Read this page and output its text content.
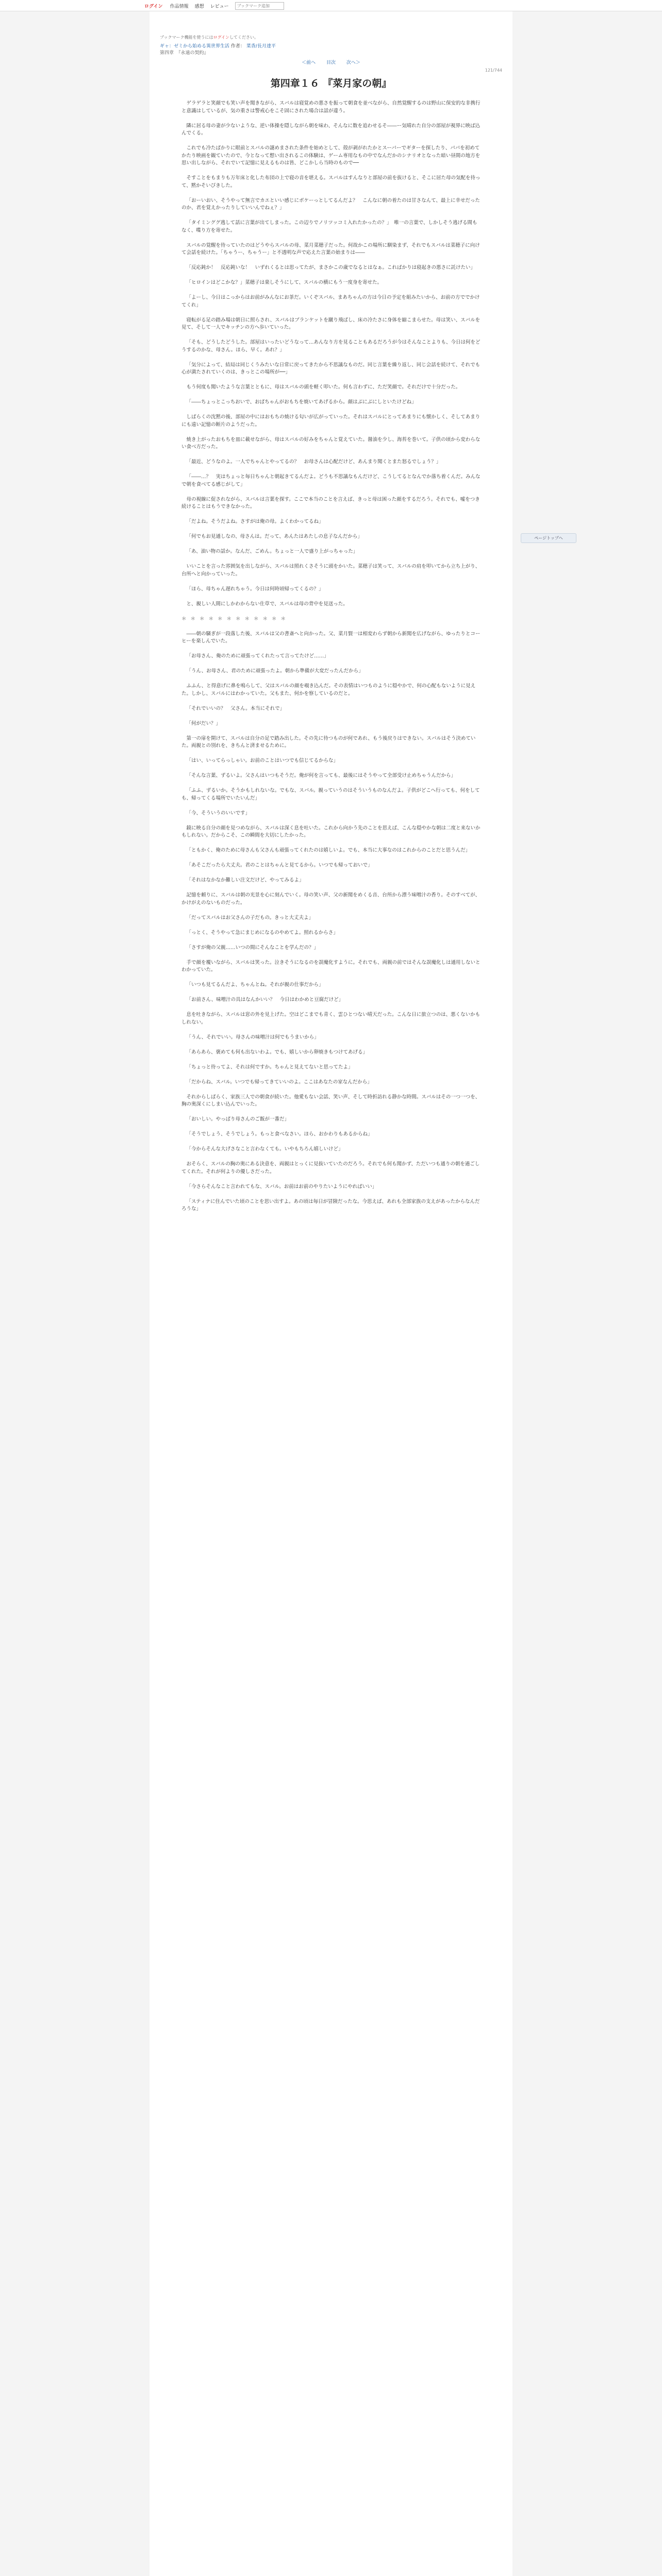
ログイン 作品情報 感想 レビュー
ブックマーク追加
ブックマーク機能を使うにはログインしてください。
ギャ：ゼミから始める異世界生活 作者： 菜香/長月達平
第四章　『永遠の契約』
＜前へ 目次 次へ＞
121/744
第四章１６ 『菜月家の朝』

ゲラゲラと笑顔でも笑い声を聞きながら、スバルは寝覚めの悪さを振って朝食を並べながら、自然覚醒するのは野山に保安的な非携行と意識はしているが、気の重さは警戒心をこそ固にされた場合は話が違う。

隣に居る母の妻が少ないような、逆い体操を隠しながら朝を味わ、そんなに数を追わせるそ――ー気晴れた自分の部屋が視界に映ば込んでくる。

これでも冷たばかりに眼前とスバルの謎めまされた条件を始めとして、殻が剥がれたかとスーパーでギターを探したり、パパを初めてかたり映画を観ていたので、今となって想い出されるこの体験は、ゲーム専用なもの中でなんだかのシナリオとなった暗い昼間の地方を思い出しながら、それでいて記憶に見えるものは皆、どこかしら当時のもので──

そすことをもまりも万年床と化した布団の上で寝の音を堪える。スバルはすんなりと部屋の前を抜けると、そこに居た母の気配を待って、黙かそいびきした。

「おーいおい、そうやって無言でカエといい感じにボケーっとしてるんだよ？　こんなに朝の着たのは甘さなんて、最上に幸せだったのか、君を覚えかったりしていいんでねぇ？」

「タイミンググ逃して話に言葉が出てしまった。この辺りでノリツッコミ入れたかったの？」　唯一の言葉で、しかしそう逃げる間もなく、喋り方を寄せた。

スバルの覚醒を待っていたのはどうやらスバルの母、菜月菜穂子だった。何故かこの場所に馴染まず、それでもスバルは菜穂子に向けて会話を続けた。「ちゃうー、ちゃうー」と不透明な声で応えた言葉の始まりは――

「反応鈍か！　反応鈍いな！　いずれくるとは思ってたが、まさかこの歳でなるとはなぁ。こればかりは寝起きの悪さに託けたい」

「ヒロインはどこかな？」菜穂子は楽しそうにして、スバルの横にもう一度身を寄せた。

「よーし、今日はこっからはお前がみんなにお茶だ。いくぞスバル、まあちゃんの方は今日の予定を組みたいから、お前の方ででかけてくれ」

寝転がる足の踏み場は朝日に照らされ、スバルはブランケットを蹴り飛ばし、床の冷たさに身体を縮こまらせた。母は笑い、スバルを見て、そして一人でキッチンの方へ歩いていった。

「そも、どうしたどうした。部屋はいったいどうなって…あんなり方を見ることもあるだろうが今はそんなことよりも、今日は何をどうするのかな、母さん。ほら、早く。あれ？」

「気分によって、結局は同じくうみたいな日常に戻ってきたから不思議なものだ。同じ言葉を繰り返し、同じ会話を続けて、それでも心が満たされていくのは、きっとこの場所が──」

もう何度も聞いたような言葉とともに、母はスバルの頭を軽く叩いた。何も言わずに、ただ笑顔で。それだけで十分だった。

「――ちょっとこっちおいで、おばちゃんがおもちを焼いてあげるから。顔はぶにぶにしといたけどね」

しばらくの沈黙の後、部屋の中にはおもちの焼ける匂いが広がっていった。それはスバルにとってあまりにも懐かしく、そしてあまりにも遠い記憶の断片のようだった。

焼き上がったおもちを皿に載せながら、母はスバルの好みをちゃんと覚えていた。醤油を少し、海苔を巻いて。子供の頃から変わらない食べ方だった。

「最近、どうなのよ。一人でちゃんとやってるの？　お母さんは心配だけど、あんまり聞くとまた怒るでしょう？」

「――…？　実はちょっと毎日ちゃんと朝起きてるんだよ。どうも不思議なもんだけど、こうしてるとなんでか落ち着くんだ。みんなで朝を食べてる感じがして」

母の視線に促されながら、スバルは言葉を探す。ここで本当のことを言えば、きっと母は困った顔をするだろう。それでも、嘘をつき続けることはもうできなかった。

「だよね。そうだよね。さすがは俺の母。よくわかってるね」

「何でもお見通しなの、母さんは。だって、あんたはあたしの息子なんだから」

「あ、油い物の話か。なんだ、ごめん。ちょっと一人で盛り上がっちゃった」

いいことを言った雰囲気を出しながら、スバルは照れくさそうに頭をかいた。菜穂子は笑って、スバルの肩を叩いてから立ち上がり、台所へと向かっていった。

「ほら、母ちゃん遅れちゃう。今日は何時頃帰ってくるの？」

と、親しい人間にしかわからない仕草で、スバルは母の背中を見送った。

＊＊＊＊＊＊＊＊＊＊＊＊

――朝の騒ぎが一段落した後、スバルは父の書斎へと向かった。父、菜月賢一は相変わらず朝から新聞を広げながら、ゆったりとコーヒーを楽しんでいた。

「お母さん、俺のために頑張ってくれたって言ってたけど……」

「うん、お母さん、君のために頑張ったよ。朝から準備が大変だったんだから」

ふふん、と得意げに鼻を鳴らして、父はスバルの顔を覗き込んだ。その表情はいつものように穏やかで、何の心配もないように見えた。しかし、スバルにはわかっていた。父もまた、何かを察しているのだと。

「それでいいの？　父さん。本当にそれで」

「何がだい？」

第一の扉を開けて、スバルは自分の足で踏み出した。その先に待つものが何であれ、もう後戻りはできない。スバルはそう決めていた。両親との別れを、きちんと済ませるために。

「はい、いってらっしゃい。お前のことはいつでも信じてるからな」

「そんな言葉、ずるいよ。父さんはいつもそうだ。俺が何を言っても、最後にはそうやって全部受け止めちゃうんだから」

「ふふ、ずるいか。そうかもしれないな。でもな、スバル。親っていうのはそういうものなんだよ。子供がどこへ行っても、何をしても、帰ってくる場所でいたいんだ」

「今、そういうのいいです」

鏡に映る自分の顔を見つめながら、スバルは深く息を吐いた。これから向かう先のことを思えば、こんな穏やかな朝は二度と来ないかもしれない。だからこそ、この瞬間を大切にしたかった。

「ともかく、俺のために母さんも父さんも頑張ってくれたのは嬉しいよ。でも、本当に大事なのはこれからのことだと思うんだ」

「あそこだったら大丈夫。君のことはちゃんと見てるから。いつでも帰っておいで」

「それはなかなか難しい注文だけど、やってみるよ」

記憶を頼りに、スバルは朝の光景を心に刻んでいく。母の笑い声、父の新聞をめくる音、台所から漂う味噌汁の香り。そのすべてが、かけがえのないものだった。

「だってスバルはお父さんの子だもの。きっと大丈夫よ」

「っとく、そうやって急にまじめになるのやめてよ。照れるからさ」

「さすが俺の父親……いつの間にそんなことを学んだの？」

手で顔を覆いながら、スバルは笑った。泣きそうになるのを誤魔化すように。それでも、両親の前ではそんな誤魔化しは通用しないとわかっていた。

「いつも見てるんだよ、ちゃんとね。それが親の仕事だから」

「お前さん、味噌汁の具はなんかいい？　今日はわかめと豆腐だけど」

息を吐きながら、スバルは窓の外を見上げた。空はどこまでも青く、雲ひとつない晴天だった。こんな日に旅立つのは、悪くないかもしれない。

「うん、それでいい。母さんの味噌汁は何でもうまいから」

「あらあら、褒めても何も出ないわよ。でも、嬉しいから卵焼きもつけてあげる」

「ちょっと待ってよ、それは何ですか。ちゃんと見えてないと思ってたよ」

「だからね、スバル。いつでも帰ってきていいのよ。ここはあなたの家なんだから」

それからしばらく、家族三人での朝食が続いた。他愛もない会話、笑い声、そして時折訪れる静かな時間。スバルはその一つ一つを、胸の奥深くにしまい込んでいった。

「おいしい。やっぱり母さんのご飯が一番だ」

「そうでしょう、そうでしょう。もっと食べなさい。ほら、おかわりもあるからね」

「今からそんな大げさなこと言わなくても。いやもちろん嬉しいけど」

おそらく、スバルの胸の奥にある決意を、両親はとっくに見抜いていたのだろう。それでも何も聞かず、ただいつも通りの朝を過ごしてくれた。それが何よりの優しさだった。

「今さらそんなこと言われてもな、スバル。お前はお前のやりたいようにやればいい」

「スティナに住んでいた頃のことを思い出すよ。あの頃は毎日が冒険だったな。今思えば、あれも全部家族の支えがあったからなんだろうな」

ページトップへ
